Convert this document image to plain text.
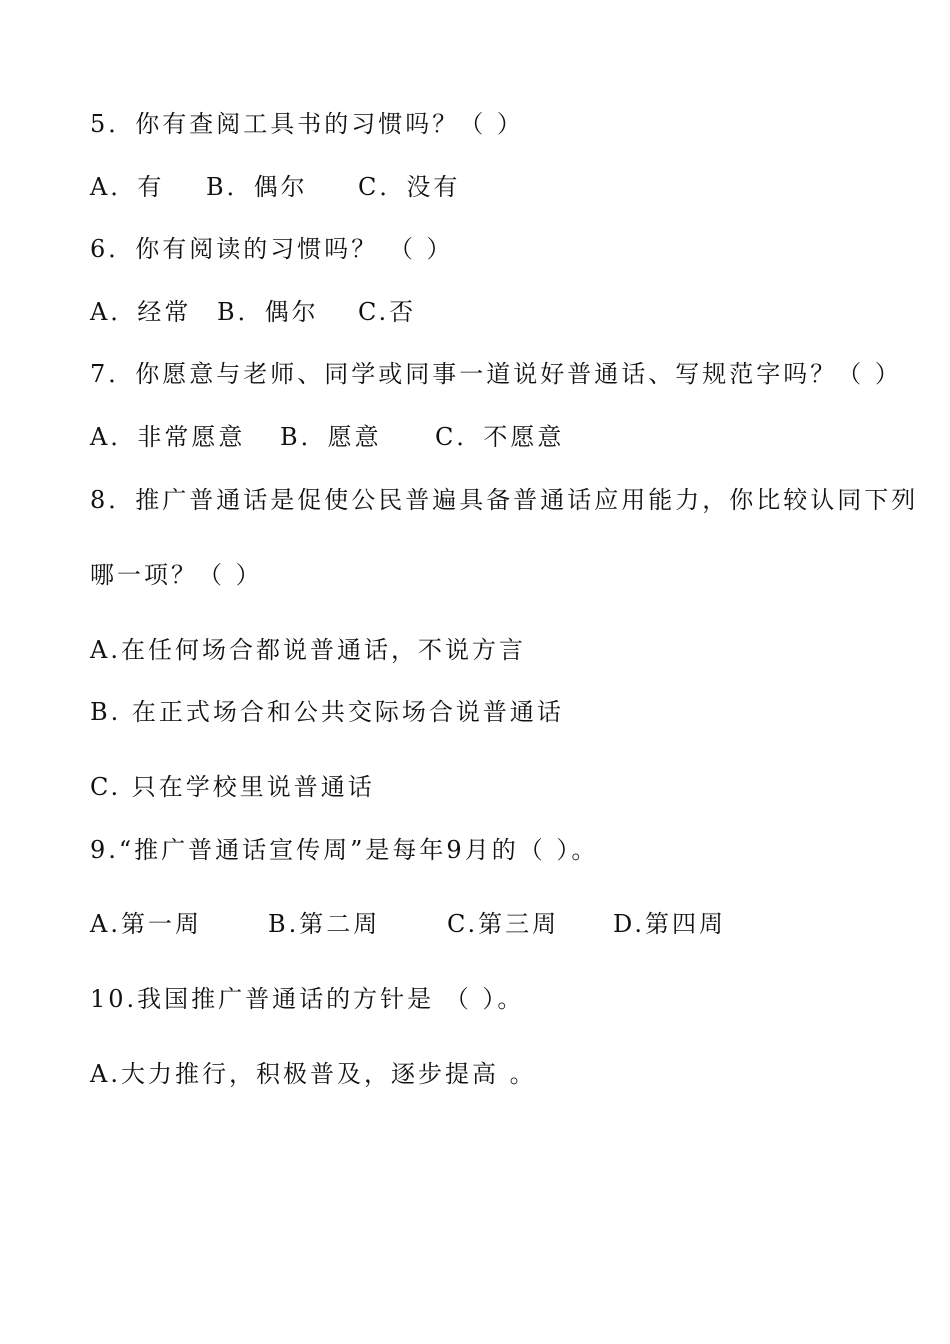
5．你有查阅工具书的习惯吗？（ ）
A．有 B．偶尔 C．没有
6．你有阅读的习惯吗？ （ ）
A．经常 B．偶尔 C.否
7．你愿意与老师、同学或同事一道说好普通话、写规范字吗？（ ）
A．非常愿意 B．愿意 C．不愿意
8．推广普通话是促使公民普遍具备普通话应用能力，你比较认同下列
哪一项？（ ）
A.在任何场合都说普通话，不说方言
B. 在正式场合和公共交际场合说普通话
C. 只在学校里说普通话
9.“推广普通话宣传周”是每年9月的（ ）。
A.第一周	B.第二周	C.第三周 D.第四周
10.我国推广普通话的方针是 （ ）。
A.大力推行，积极普及，逐步提高 。
